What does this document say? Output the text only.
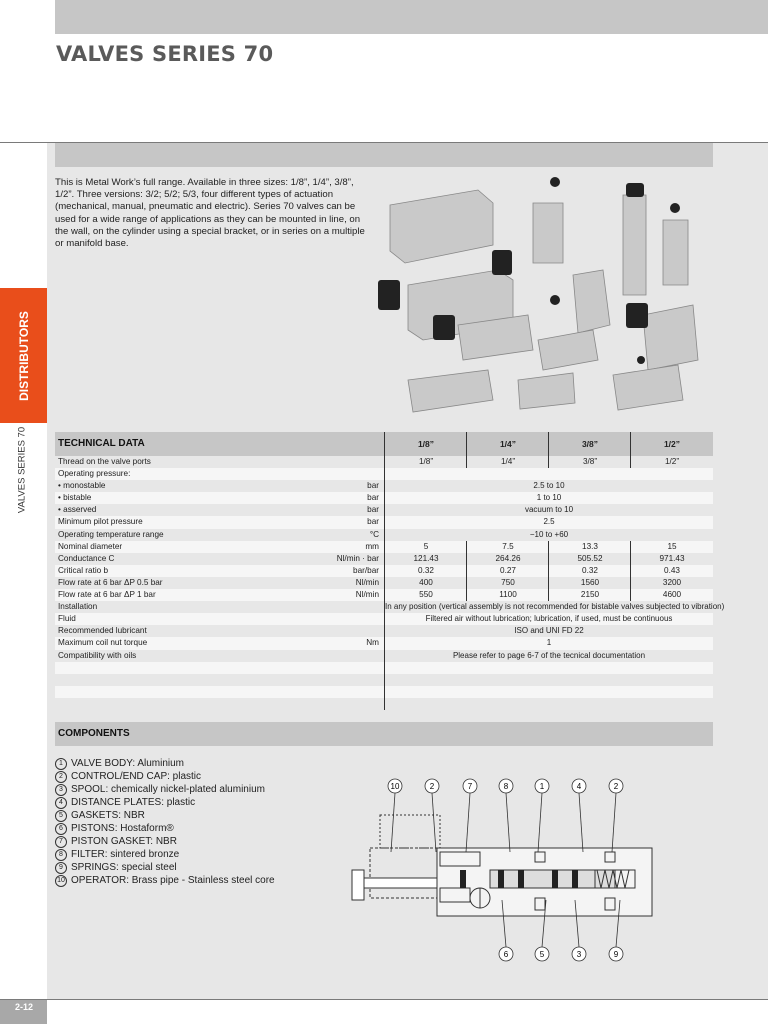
VALVES SERIES 70
DISTRIBUTORS
VALVES SERIES 70
2-12
This is Metal Work’s full range. Available in three sizes: 1/8”, 1/4”, 3/8”, 1/2”. Three versions: 3/2; 5/2; 5/3, four different types of actuation (mechanical, manual, pneumatic and electric). Series 70 valves can be used for a wide range of applications as they can be mounted in line, on the wall, on the cylinder using a special bracket, or in series on a multiple or manifold base.
TECHNICAL DATA	1/8”	1/4”	3/8”	1/2”
Thread on the valve ports	1/8”	1/4”	3/8”	1/2”
Operating pressure:
• monostable	bar	2.5 to 10
• bistable	bar	1 to 10
• asserved	bar	vacuum to 10
Minimum pilot pressure	bar	2.5
Operating temperature range	°C	−10 to +60
Nominal diameter	mm	5	7.5	13.3	15
Conductance C	Nl/min · bar	121.43	264.26	505.52	971.43
Critical ratio b	bar/bar	0.32	0.27	0.32	0.43
Flow rate at 6 bar ΔP 0.5 bar	Nl/min	400	750	1560	3200
Flow rate at 6 bar ΔP 1 bar	Nl/min	550	1100	2150	4600
Installation	In any position (vertical assembly is not recommended for bistable valves subjected to vibration)
Fluid	Filtered air without lubrication; lubrication, if used, must be continuous
Recommended lubricant	ISO and UNI FD 22
Maximum coil nut torque	Nm	1
Compatibility with oils	Please refer to page 6-7 of the tecnical documentation
COMPONENTS
1 VALVE BODY: Aluminium
2 CONTROL/END CAP: plastic
3 SPOOL: chemically nickel-plated aluminium
4 DISTANCE PLATES: plastic
5 GASKETS: NBR
6 PISTONS: Hostaform®
7 PISTON GASKET: NBR
8 FILTER: sintered bronze
9 SPRINGS: special steel
10 OPERATOR: Brass pipe - Stainless steel core
10	2	7	8	1	4	2
6	5	3	9
